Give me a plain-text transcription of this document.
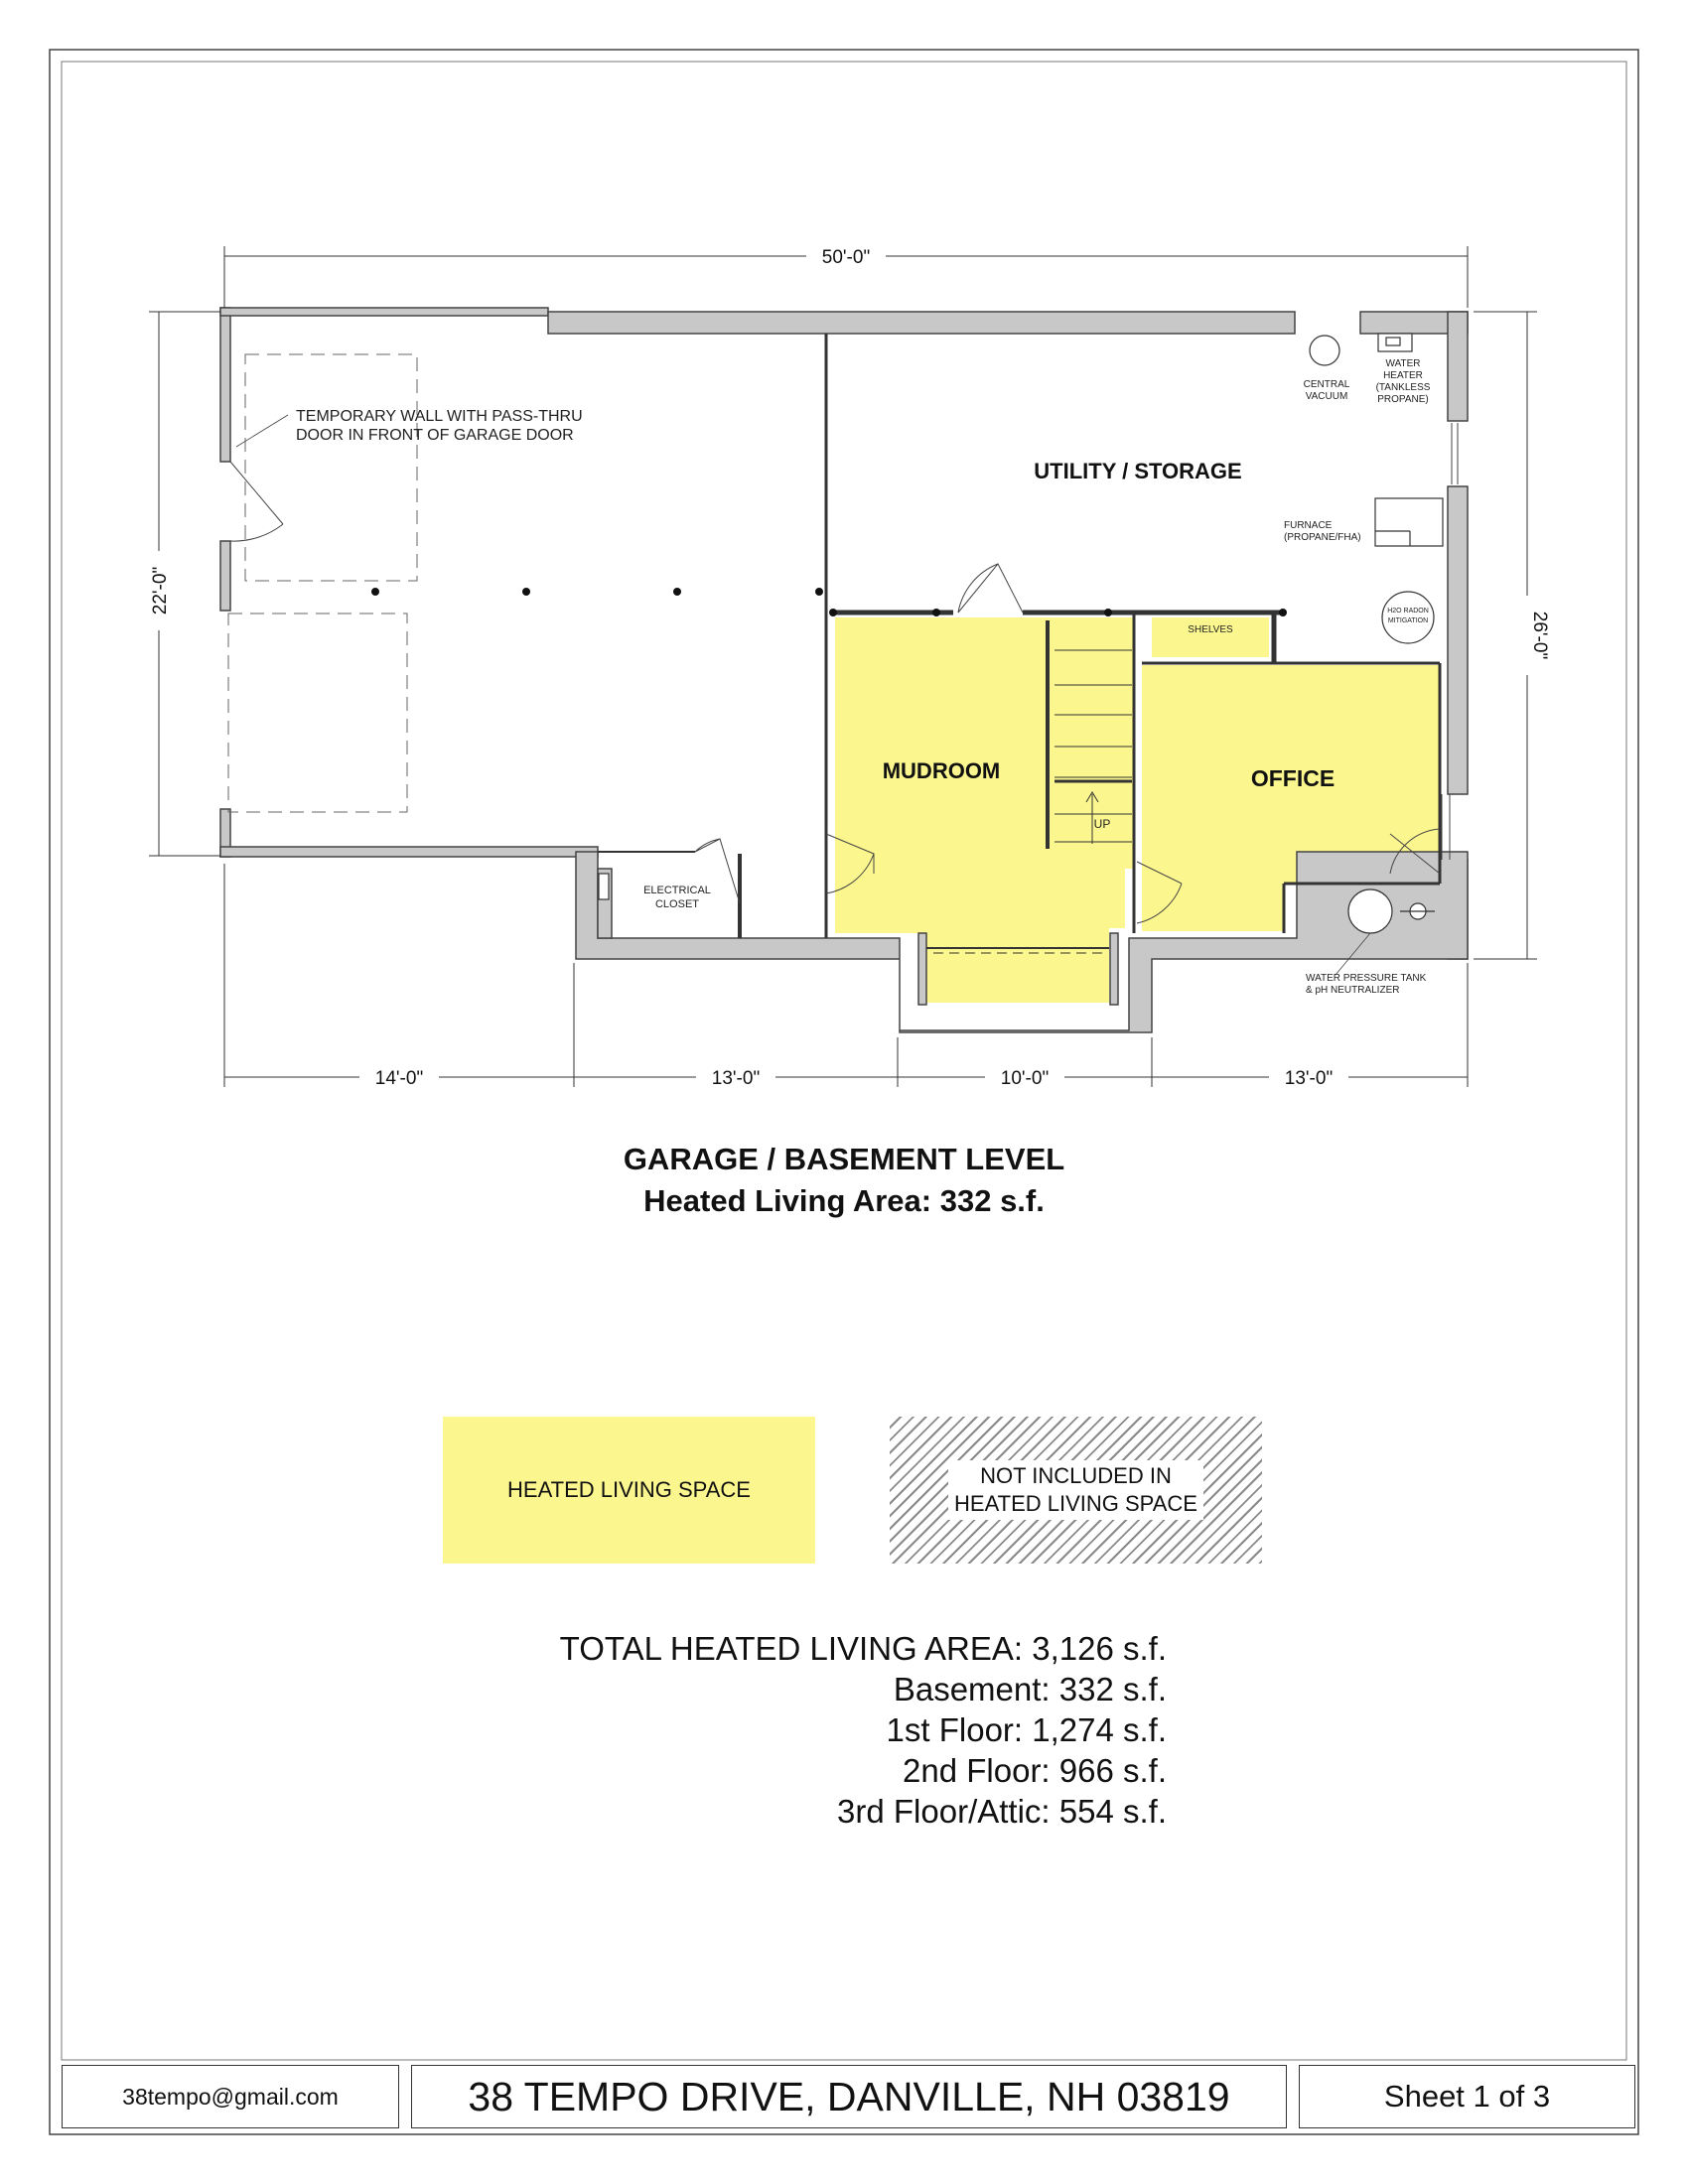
50'-0"
22'-0"
26'-0"
14'-0"	13'-0"	10'-0"	13'-0"
UTILITY / STORAGE
MUDROOM	OFFICE
SHELVES
UP
ELECTRICAL
CLOSET
TEMPORARY WALL WITH PASS-THRU
DOOR IN FRONT OF GARAGE DOOR
CENTRAL
VACUUM
WATER
HEATER
(TANKLESS
PROPANE)
FURNACE
(PROPANE/FHA)
H2O RADON
MITIGATION
WATER PRESSURE TANK
& pH NEUTRALIZER
GARAGE / BASEMENT LEVEL
Heated Living Area: 332 s.f.
HEATED LIVING SPACE
NOT INCLUDED IN
HEATED LIVING SPACE
TOTAL HEATED LIVING AREA: 3,126 s.f.
Basement: 332 s.f.
1st Floor: 1,274 s.f.
2nd Floor: 966 s.f.
3rd Floor/Attic: 554 s.f.
38tempo@gmail.com	38 TEMPO DRIVE, DANVILLE, NH 03819	Sheet 1 of 3
